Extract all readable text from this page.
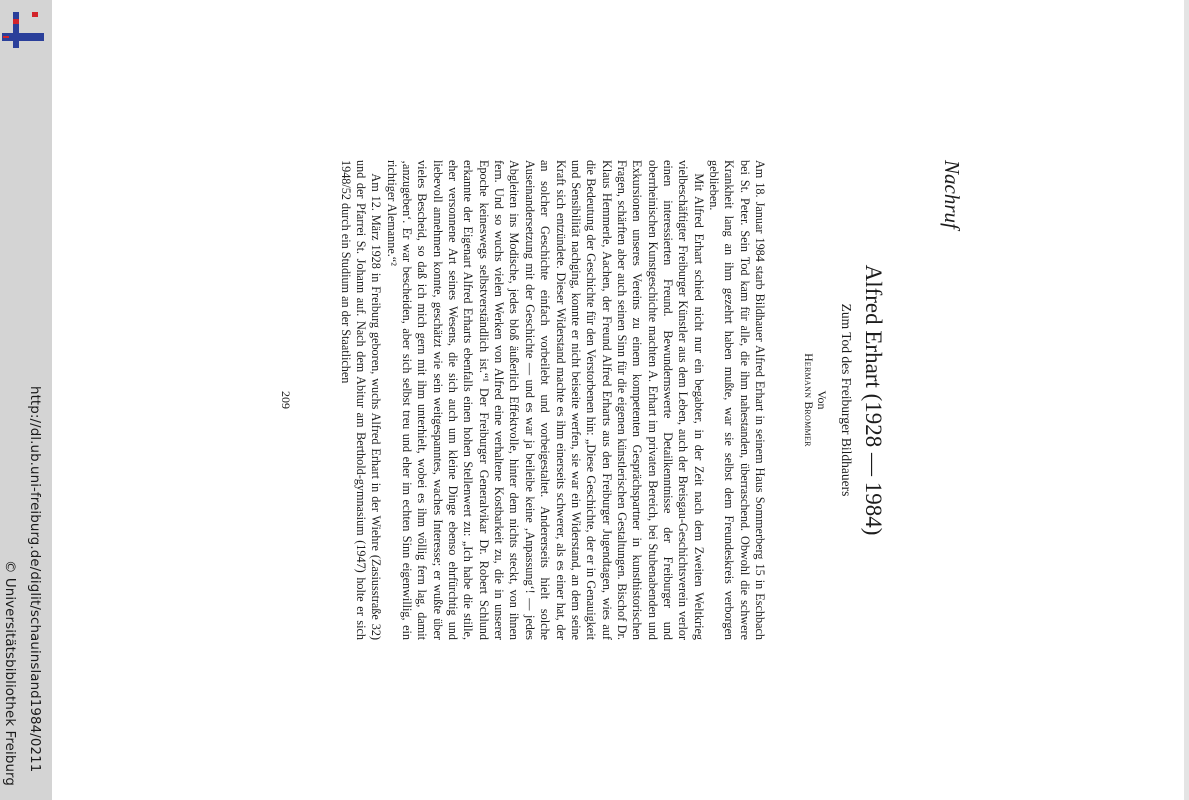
http://dl.ub.uni-freiburg.de/diglit/schauinsland1984/0211
© Universitätsbibliothek Freiburg
Nachruf
Alfred Erhart (1928 — 1984)
Zum Tod des Freiburger Bildhauers
Von
Hermann Brommer

Am 18. Januar 1984 starb Bildhauer Alfred Erhart in seinem Haus Sommerberg 15 in Eschbach bei St. Peter. Sein Tod kam für alle, die ihm nahestanden, überraschend. Obwohl die schwere Krankheit lang an ihm gezehrt haben mußte, war sie selbst dem Freundeskreis verborgen geblieben.

Mit Alfred Erhart schied nicht nur ein begabter, in der Zeit nach dem Zweiten Weltkrieg vielbeschäftigter Freiburger Künstler aus dem Leben, auch der Breisgau-Geschichtsverein verlor einen interessierten Freund. Bewundernswerte Detailkenntnisse der Freiburger und oberrheinischen Kunstgeschichte machten A. Erhart im privaten Bereich, bei Stubenabenden und Exkursionen unseres Vereins zu einem kompetenten Gesprächspartner in kunsthistorischen Fragen, schärften aber auch seinen Sinn für die eigenen künstlerischen Gestaltungen. Bischof Dr. Klaus Hemmerle, Aachen, der Freund Alfred Erharts aus den Freiburger Jugendtagen, wies auf die Bedeutung der Geschichte für den Verstorbenen hin: „Diese Geschichte, der er in Genauigkeit und Sensibilität nachging, konnte er nicht beiseite werfen, sie war ein Widerstand, an dem seine Kraft sich entzündete. Dieser Widerstand machte es ihm einerseits schwerer, als es einer hat, der an solcher Geschichte einfach vorbeilebt und vorbeigestaltet. Andererseits hielt solche Auseinandersetzung mit der Geschichte — und es war ja beileibe keine ‚Anpassung‘! — jedes Abgleiten ins Modische, jedes bloß äußerlich Effektvolle, hinter dem nichts steckt, von ihnen fern. Und so wuchs vielen Werken von Alfred eine verhaltene Kostbarkeit zu, die in unserer Epoche keineswegs selbstverständlich ist.“¹ Der Freiburger Generalvikar Dr. Robert Schlund erkannte der Eigenart Alfred Erharts ebenfalls einen hohen Stellenwert zu: „Ich habe die stille, eher versonnene Art seines Wesens, die sich auch um kleine Dinge ebenso ehrfürchtig und liebevoll annehmen konnte, geschätzt wie sein weitgespanntes, waches Interesse; er wußte über vieles Bescheid, so daß ich mich gern mit ihm unterhielt, wobei es ihm völlig fern lag, damit ‚anzugeben‘. Er war bescheiden, aber sich selbst treu und eher im echten Sinn eigenwillig, ein richtiger Alemanne.“²

Am 12. März 1928 in Freiburg geboren, wuchs Alfred Erhart in der Wiehre (Zasiusstraße 32) und der Pfarrei St. Johann auf. Nach dem Abitur am Berthold-gymnasium (1947) holte er sich 1948/52 durch ein Studium an der Staatlichen

209
